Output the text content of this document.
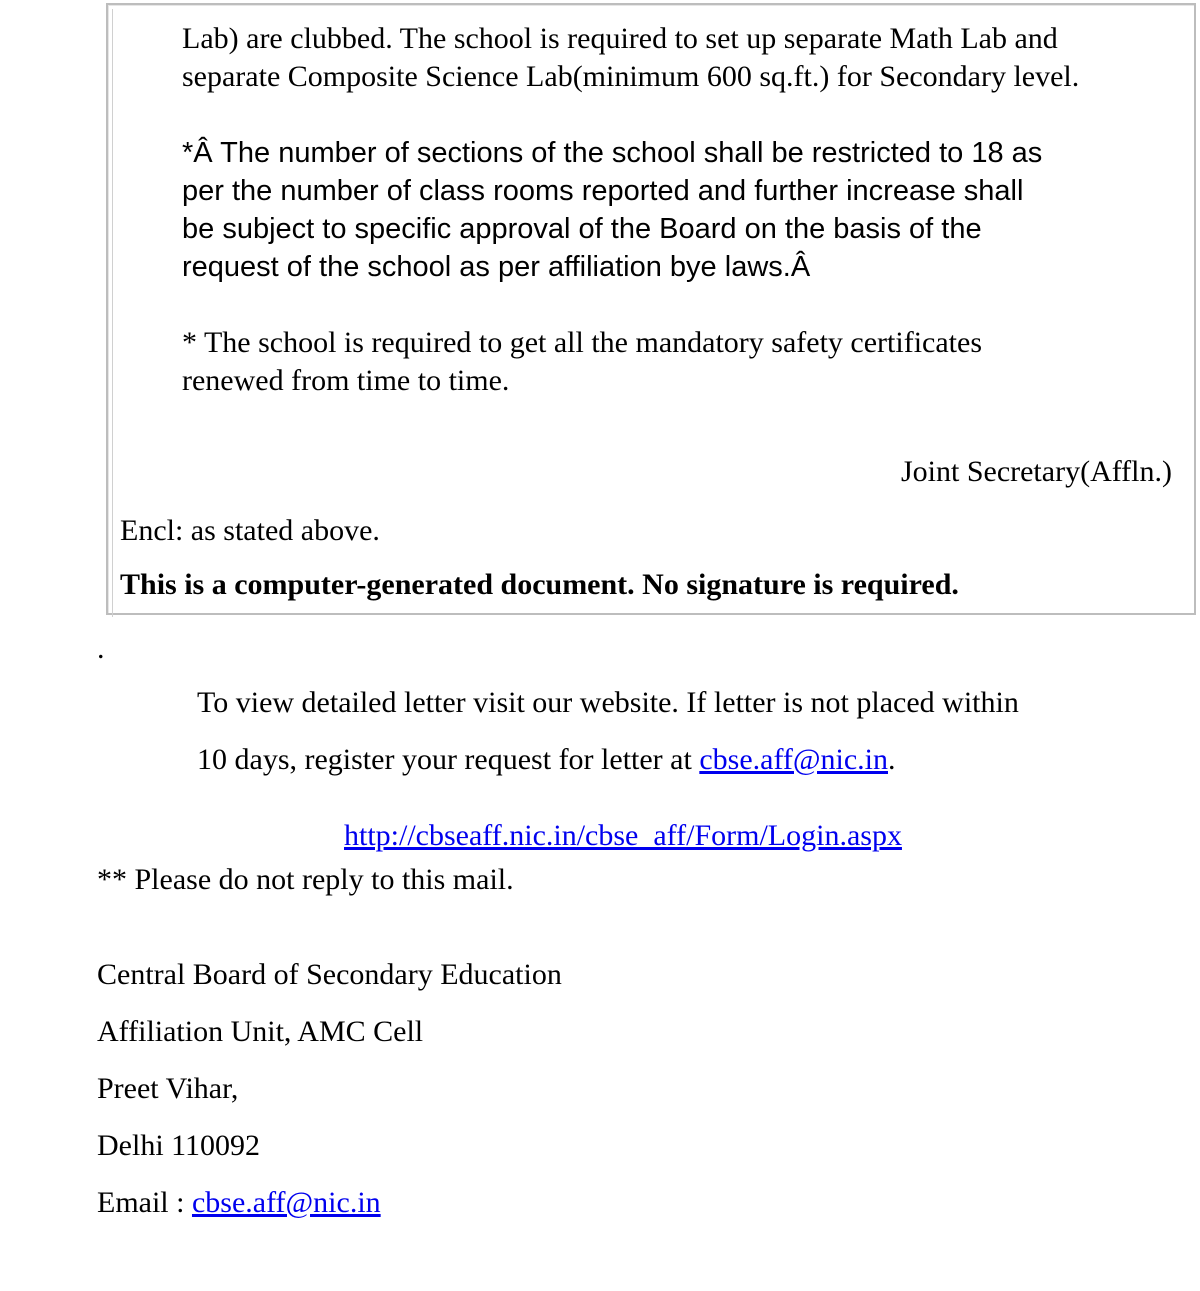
Lab) are clubbed. The school is required to set up separate Math Lab and

separate Composite Science Lab(minimum 600 sq.ft.) for Secondary level.

*Â The number of sections of the school shall be restricted to 18 as

per the number of class rooms reported and further increase shall

be subject to specific approval of the Board on the basis of the

request of the school as per affiliation bye laws.Â

* The school is required to get all the mandatory safety certificates

renewed from time to time.

Joint Secretary(Affln.)

Encl: as stated above.

This is a computer-generated document. No signature is required.

.

To view detailed letter visit our website. If letter is not placed within

10 days, register your request for letter at cbse.aff@nic.in.

http://cbseaff.nic.in/cbse_aff/Form/Login.aspx

** Please do not reply to this mail.

Central Board of Secondary Education

Affiliation Unit, AMC Cell

Preet Vihar,

Delhi 110092

Email : cbse.aff@nic.in
